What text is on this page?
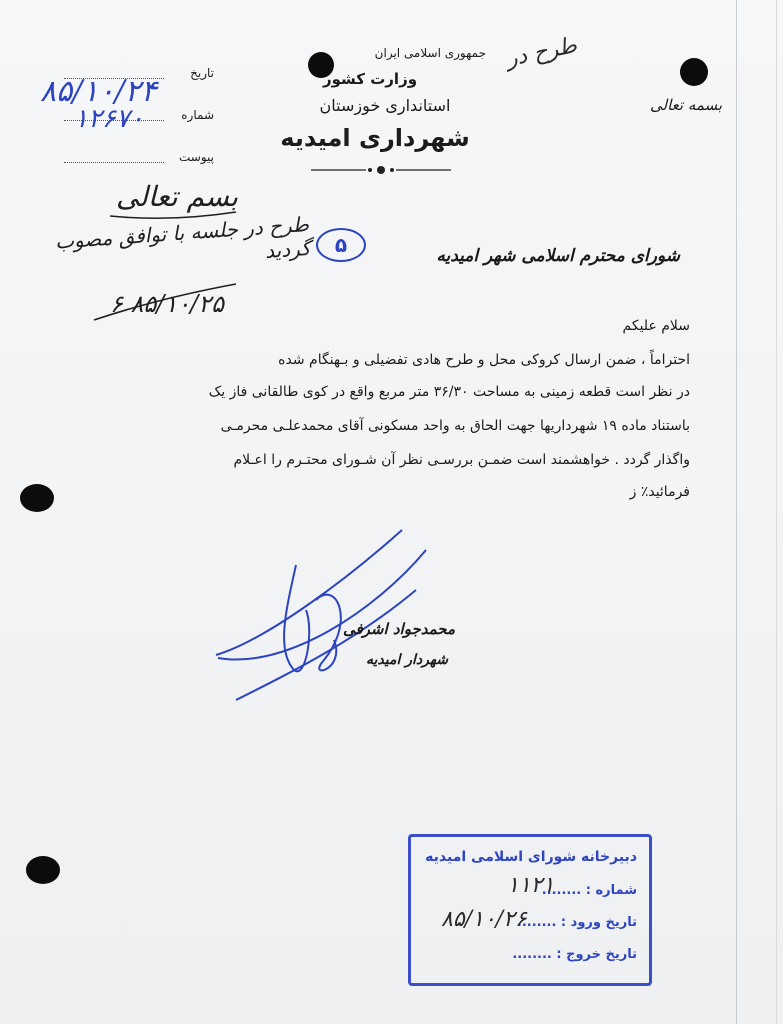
جمهوری اسلامی ایران
وزارت کشور
استانداری خوزستان
شهرداری امیدیه
تاریخ
شماره
پیوست
بسمه تعالی
۸۵/۱۰/۲۴
۱۲۶۷۰
طرح در
۵
بسم تعالی
طرح در جلسه با توافق مصوب گردید
۶ ۸۵/۱۰/۲۵
شورای محترم اسلامی شهر امیدیه
سلام علیکم
احتراماً ، ضمن ارسال کروکی محل و طرح هادی تفضیلی و بـهنگام شده
در نظر است قطعه زمینی به مساحت ۳۶/۳۰ متر مربع واقع در کوی طالقانی فاز یک
باستناد ماده ۱۹ شهرداریها جهت الحاق به واحد مسکونی آقای محمدعلـی محرمـی
واگذار گردد . خواهشمند است ضمـن بررسـی نظر آن شـورای محتـرم را اعـلام
فرمائید٪ ز
محمدجواد اشرفی
شهردار امیدیه
دبیرخانه شورای اسلامی امیدیه
شماره : ........
تاریخ ورود : ........
تاریخ خروج : ........
۱۱۲۱
۸۵/۱۰/۲۶
